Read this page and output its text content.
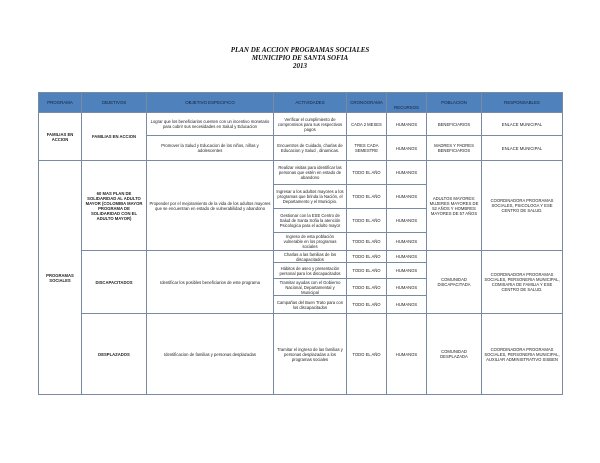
PLAN DE ACCION PROGRAMAS SOCIALES
MUNICIPIO DE SANTA SOFIA
2013
PROGRAMA	OBJETIVOS	OBJETIVO ESPECIFICO	ACTIVIDADES	CRONOGRAMA	RECURSOS	POBLACION	RESPONSABLES
FAMILIAS EN ACCION	FAMILIAS EN ACCION	Lograr que los beneficiarios cuenten con un incentivo monetario para cubrir sus necesidades en Salud y Educacion	Verificar el cumplimiento de compromisos para sus respectivos pagos	CADA 2 MESES	HUMANOS	BENEFICIARIOS	ENLACE MUNICIPAL
		Promover la Salud y Educacion de los niños, niñas y adolescentes	Encuentros de Cuidado, charlas de Educacion y Salud , dinamicas.	TRES CADA SEMESTRE	HUMANOS	MADRES Y PADRES BENEFICIARIOS	ENLACE MUNICIPAL
PROGRAMAS SOCIALES	60 MAS PLAN DE SOLIDARIDAD AL ADULTO MAYOR (COLOMBIA MAYOR PROGRAMA DE SOLIDARIDAD CON EL ADULTO MAYOR)	Propender por el mejoramiento de la vida de los adultos mayores que se encuentran en estado de vulnerabilidad y abandono	Realizar visitas para identificar las personas que estén en estado de abandono	TODO EL AÑO	HUMANOS	ADULTOS MAYORES: MUJERES MAYORES DE 52 AÑOS Y HOMBRES MAYORES DE 57 AÑOS	COORDINADORA PROGRAMAS SOCIALES, PSICOLOGA Y ESE CENTRO DE SALUD.
			Ingresar a los adultos mayores a los programas que brinda la Nación, el Departamento y el Municipio.	TODO EL AÑO	HUMANOS		
			Gestionar con la ESE Centro de Salud de Santa Sofia la atención Psicologica para el adulto mayor	TODO EL AÑO	HUMANOS		
			Ingreso de esta población vulnerable en los programas sociales	TODO EL AÑO	HUMANOS		
	DISCAPACITADOS	Identificar los posibles beneficiarios de este programa	Charlas a las familias de los discapacitados	TODO EL AÑO	HUMANOS	COMUNIDAD DISCAPACITADA	COORDINADORA PROGRAMAS SOCIALES, PERSONERIA MUNICIPAL, COMISARIA DE FAMILIA Y ESE CENTRO DE SALUD.
			Hábitos de aseo y presentación personal para los discapacitados	TODO EL AÑO	HUMANOS		
			Tramitar ayudas con el Gobierno Nacional, Departamental y Municipal	TODO EL AÑO	HUMANOS		
			Campañas del Buen Trato para con los discapacitados	TODO EL AÑO	HUMANOS		
	DESPLAZADOS	Identificacion de familias y personas desplazadas	Tramitar el ingreso de las familias y personas desplazadas a los programas sociales	TODO EL AÑO	HUMANOS	COMUNIDAD DESPLAZADA	COORDINADORA PROGRAMAS SOCIALES, PERSONERIA MUNICIPAL, AUXILIAR ADMINISTRATIVO SISBEN
